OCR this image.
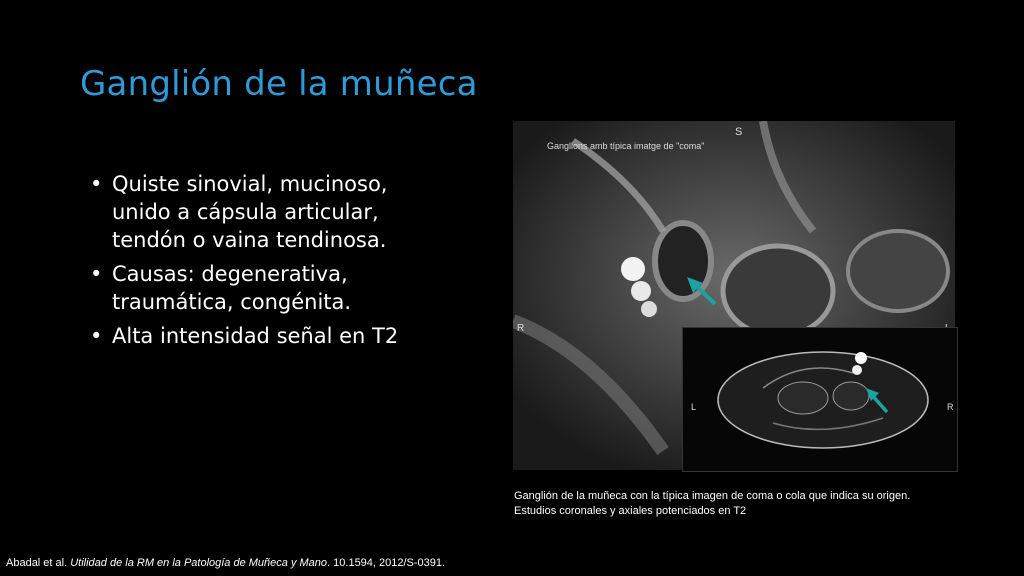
Ganglión de la muñeca
• Quiste sinovial, mucinoso, unido a cápsula articular, tendón o vaina tendinosa.
• Causas: degenerativa, traumática, congénita.
• Alta intensidad señal en T2
Ganglions amb típica imatge de "coma"
S
R
L	R
Ganglión de la muñeca con la típica imagen de coma o cola que indica su origen.
Estudios coronales y axiales potenciados en T2
Abadal et al. Utilidad de la RM en la Patología de Muñeca y Mano. 10.1594, 2012/S-0391.
